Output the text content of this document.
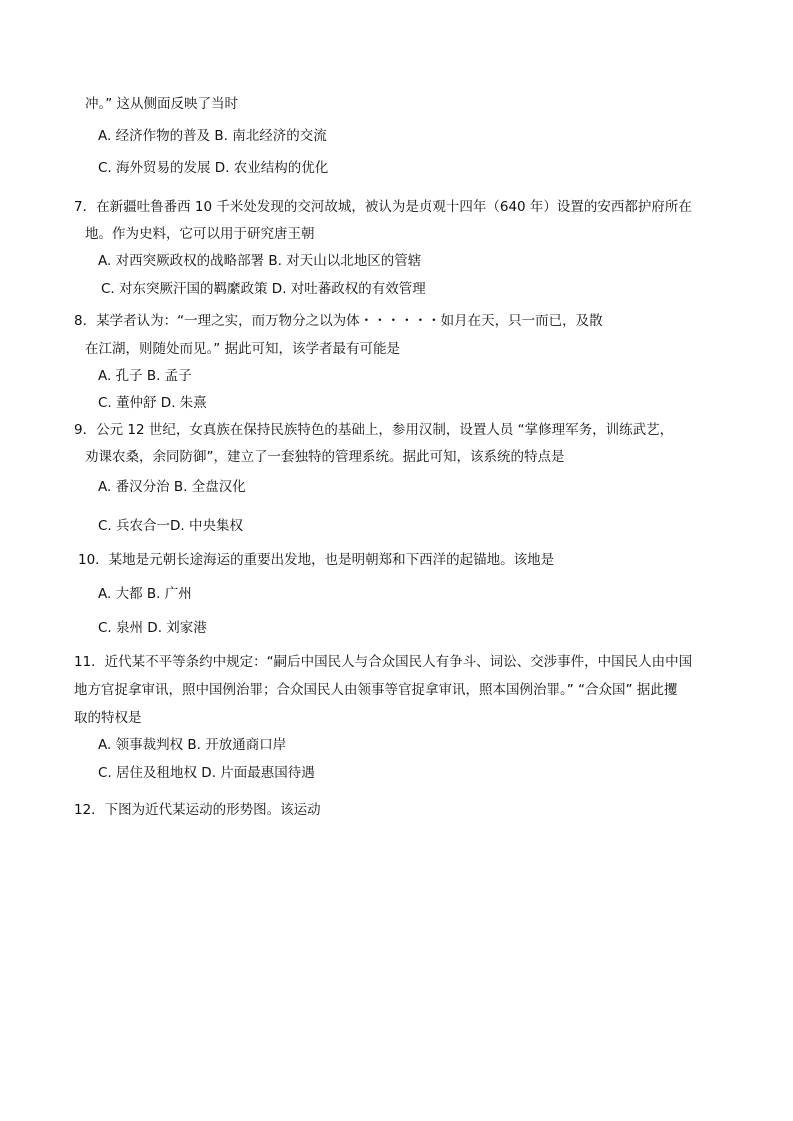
冲。” 这从侧面反映了当时
A. 经济作物的普及 B. 南北经济的交流
C. 海外贸易的发展 D. 农业结构的优化
7．在新疆吐鲁番西 10 千米处发现的交河故城，被认为是贞观十四年（640 年）设置的安西都护府所在
地。作为史料，它可以用于研究唐王朝
A. 对西突厥政权的战略部署 B. 对天山以北地区的管辖
C. 对东突厥汗国的羁縻政策 D. 对吐蕃政权的有效管理
8．某学者认为：“一理之实，而万物分之以为体・・・・・・如月在天，只一而已，及散
在江湖，则随处而见。” 据此可知，该学者最有可能是
A. 孔子 B. 孟子
C. 董仲舒 D. 朱熹
9．公元 12 世纪，女真族在保持民族特色的基础上，参用汉制，设置人员 “掌修理军务，训练武艺，
劝课农桑，余同防御”，建立了一套独特的管理系统。据此可知，该系统的特点是
A. 番汉分治 B. 全盘汉化
C. 兵农合一D. 中央集权
10．某地是元朝长途海运的重要出发地，也是明朝郑和下西洋的起锚地。该地是
A. 大都 B. 广州
C. 泉州 D. 刘家港
11．近代某不平等条约中规定：“嗣后中国民人与合众国民人有争斗、词讼、交涉事件，中国民人由中国
地方官捉拿审讯，照中国例治罪；合众国民人由领事等官捉拿审讯，照本国例治罪。” “合众国” 据此攫
取的特权是
A. 领事裁判权 B. 开放通商口岸
C. 居住及租地权 D. 片面最惠国待遇
12．下图为近代某运动的形势图。该运动
